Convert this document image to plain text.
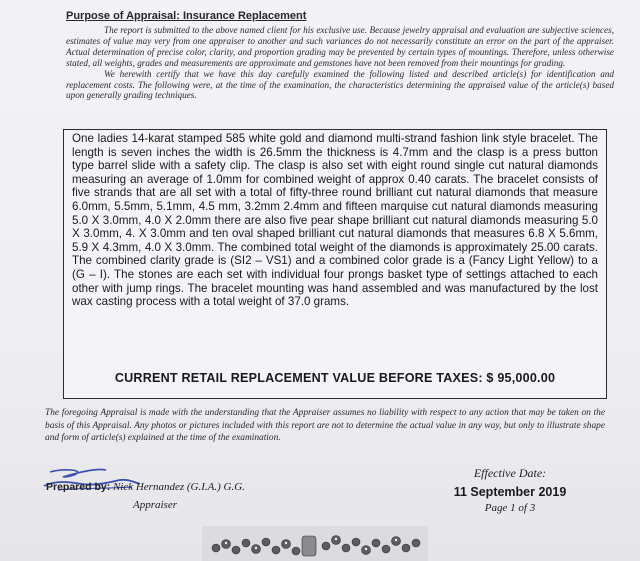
Purpose of Appraisal: Insurance Replacement

The report is submitted to the above named client for his exclusive use. Because jewelry appraisal and evaluation are subjective sciences, estimates of value may very from one appraiser to another and such variances do not necessarily constitute an error on the part of the appraiser. Actual determination of precise color, clarity, and proportion grading may be prevented by certain types of mountings. Therefore, unless otherwise stated, all weights, grades and measurements are approximate and gemstones have not been removed from their mountings for grading.

We herewith certify that we have this day carefully examined the following listed and described article(s) for identification and replacement costs. The following were, at the time of the examination, the characteristics determining the appraised value of the article(s) based upon generally grading techniques.

One ladies 14-karat stamped 585 white gold and diamond multi-strand fashion link style bracelet. The length is seven inches the width is 26.5mm the thickness is 4.7mm and the clasp is a press button type barrel slide with a safety clip. The clasp is also set with eight round single cut natural diamonds measuring an average of 1.0mm for combined weight of approx 0.40 carats. The bracelet consists of five strands that are all set with a total of fifty-three round brilliant cut natural diamonds that measure 6.0mm, 5.5mm, 5.1mm, 4.5 mm, 3.2mm 2.4mm and fifteen marquise cut natural diamonds measuring 5.0 X 3.0mm, 4.0 X 2.0mm there are also five pear shape brilliant cut natural diamonds measuring 5.0 X 3.0mm, 4. X 3.0mm and ten oval shaped brilliant cut natural diamonds that measures 6.8 X 5.6mm, 5.9 X 4.3mm, 4.0 X 3.0mm. The combined total weight of the diamonds is approximately 25.00 carats. The combined clarity grade is (SI2 – VS1) and a combined color grade is a (Fancy Light Yellow) to a (G – I). The stones are each set with individual four prongs basket type of settings attached to each other with jump rings. The bracelet mounting was hand assembled and was manufactured by the lost wax casting process with a total weight of 37.0 grams.
CURRENT RETAIL REPLACEMENT VALUE BEFORE TAXES: $ 95,000.00
The foregoing Appraisal is made with the understanding that the Appraiser assumes no liability with respect to any action that may be taken on the basis of this Appraisal. Any photos or pictures included with this report are not to determine the actual value in any way, but only to illustrate shape and form of article(s) explained at the time of the examination.
Prepared by: Nick Hernandez (G.I.A.) G.G.
Appraiser
Effective Date:
11 September 2019
Page 1 of 3
